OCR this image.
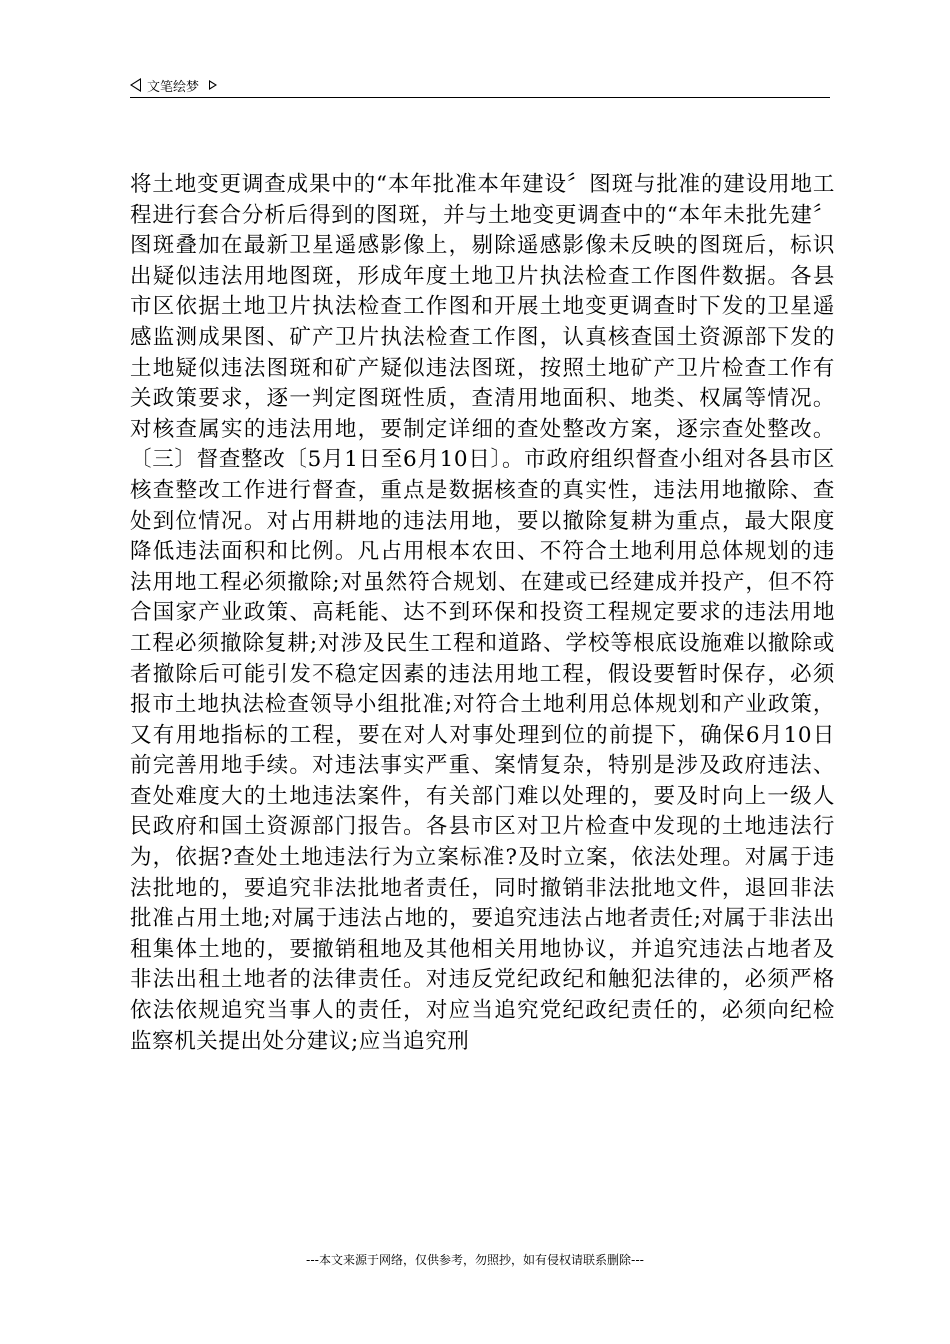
文笔绘梦

将土地变更调查成果中的“本年批准本年建设〞图斑与批准的建设用地工程进行套合分析后得到的图斑，并与土地变更调查中的“本年未批先建〞图斑叠加在最新卫星遥感影像上，剔除遥感影像未反映的图斑后，标识出疑似违法用地图斑，形成年度土地卫片执法检查工作图件数据。各县市区依据土地卫片执法检查工作图和开展土地变更调查时下发的卫星遥感监测成果图、矿产卫片执法检查工作图，认真核查国土资源部下发的土地疑似违法图斑和矿产疑似违法图斑，按照土地矿产卫片检查工作有关政策要求，逐一判定图斑性质，查清用地面积、地类、权属等情况。对核查属实的违法用地，要制定详细的查处整改方案，逐宗查处整改。〔三〕督查整改〔5月1日至6月10日〕。市政府组织督查小组对各县市区核查整改工作进行督查，重点是数据核查的真实性，违法用地撤除、查处到位情况。对占用耕地的违法用地，要以撤除复耕为重点，最大限度降低违法面积和比例。凡占用根本农田、不符合土地利用总体规划的违法用地工程必须撤除;对虽然符合规划、在建或已经建成并投产，但不符合国家产业政策、高耗能、达不到环保和投资工程规定要求的违法用地工程必须撤除复耕;对涉及民生工程和道路、学校等根底设施难以撤除或者撤除后可能引发不稳定因素的违法用地工程，假设要暂时保存，必须报市土地执法检查领导小组批准;对符合土地利用总体规划和产业政策，又有用地指标的工程，要在对人对事处理到位的前提下，确保6月10日前完善用地手续。对违法事实严重、案情复杂，特别是涉及政府违法、查处难度大的土地违法案件，有关部门难以处理的，要及时向上一级人民政府和国土资源部门报告。各县市区对卫片检查中发现的土地违法行为，依据?查处土地违法行为立案标准?及时立案，依法处理。对属于违法批地的，要追究非法批地者责任，同时撤销非法批地文件，退回非法批准占用土地;对属于违法占地的，要追究违法占地者责任;对属于非法出租集体土地的，要撤销租地及其他相关用地协议，并追究违法占地者及非法出租土地者的法律责任。对违反党纪政纪和触犯法律的，必须严格依法依规追究当事人的责任，对应当追究党纪政纪责任的，必须向纪检监察机关提出处分建议;应当追究刑

---本文来源于网络，仅供参考，勿照抄，如有侵权请联系删除---
